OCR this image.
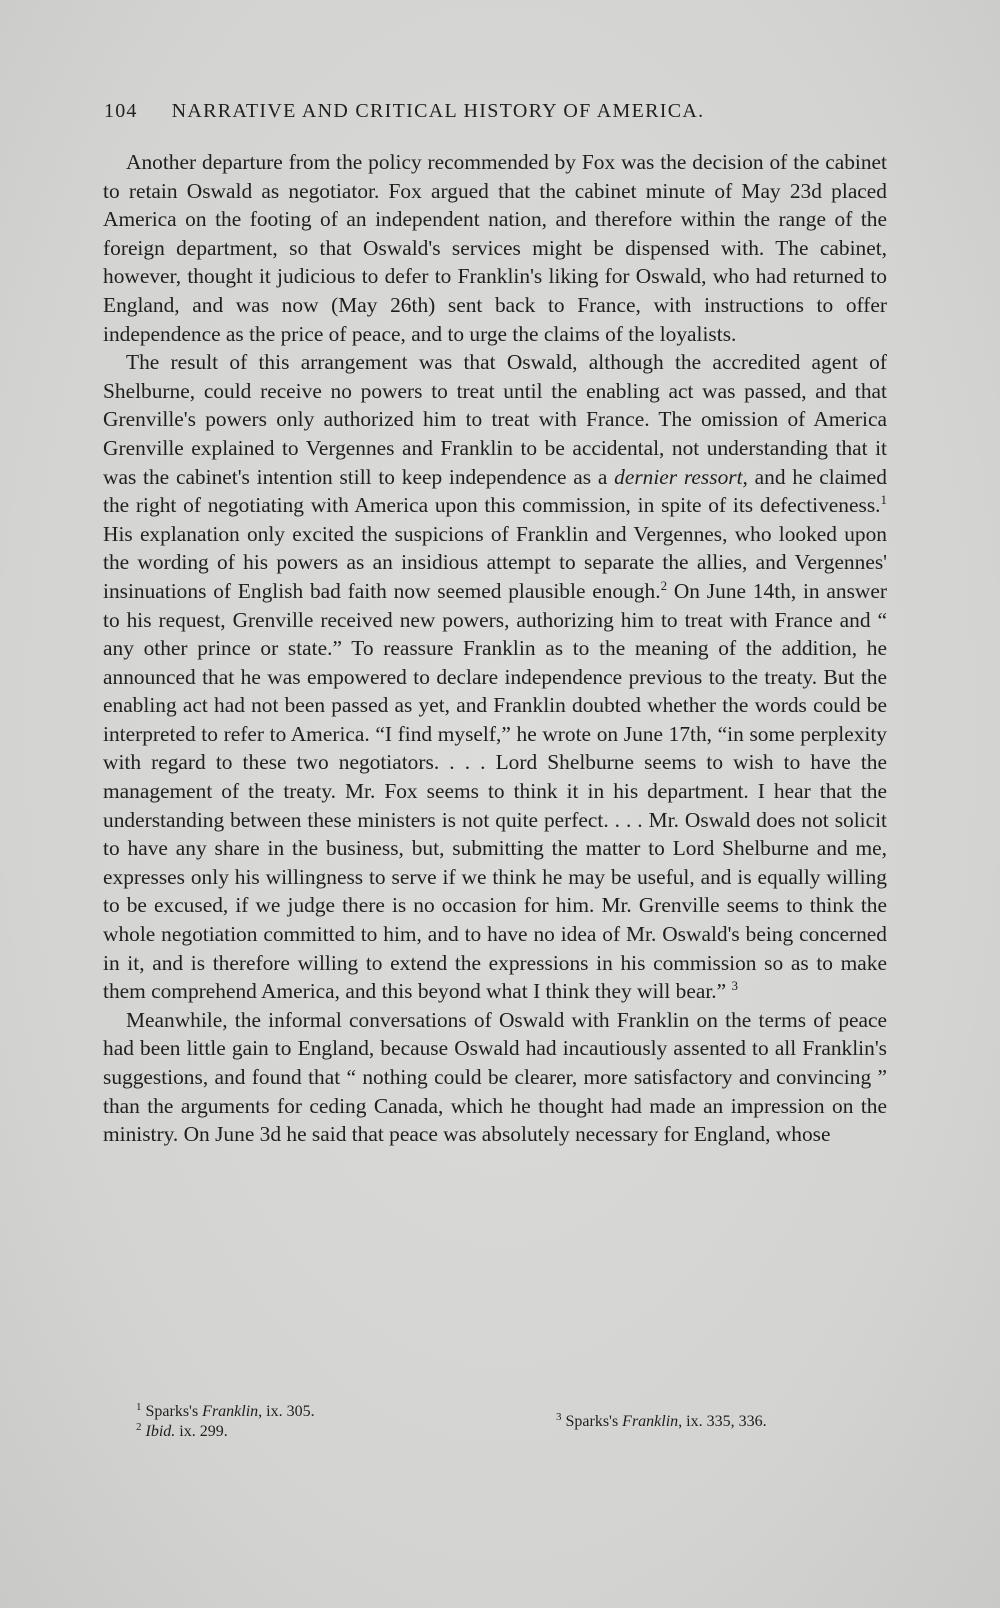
104 NARRATIVE AND CRITICAL HISTORY OF AMERICA.

Another departure from the policy recommended by Fox was the decision of the cabinet to retain Oswald as negotiator. Fox argued that the cabinet minute of May 23d placed America on the footing of an independent nation, and therefore within the range of the foreign department, so that Oswald's services might be dispensed with. The cabinet, however, thought it judicious to defer to Franklin's liking for Oswald, who had returned to England, and was now (May 26th) sent back to France, with instructions to offer independence as the price of peace, and to urge the claims of the loyalists.

The result of this arrangement was that Oswald, although the accredited agent of Shelburne, could receive no powers to treat until the enabling act was passed, and that Grenville's powers only authorized him to treat with France. The omission of America Grenville explained to Vergennes and Franklin to be accidental, not understanding that it was the cabinet's intention still to keep independence as a dernier ressort, and he claimed the right of negotiating with America upon this commission, in spite of its defectiveness.$^1$ His explanation only excited the suspicions of Franklin and Vergennes, who looked upon the wording of his powers as an insidious attempt to separate the allies, and Vergennes' insinuations of English bad faith now seemed plausible enough.$^2$ On June 14th, in answer to his request, Grenville received new powers, authorizing him to treat with France and “ any other prince or state.” To reassure Franklin as to the meaning of the addition, he announced that he was empowered to declare independence previous to the treaty. But the enabling act had not been passed as yet, and Franklin doubted whether the words could be interpreted to refer to America. “I find myself,” he wrote on June 17th, “in some perplexity with regard to these two negotiators. . . . Lord Shelburne seems to wish to have the management of the treaty. Mr. Fox seems to think it in his department. I hear that the understanding between these ministers is not quite perfect. . . . Mr. Oswald does not solicit to have any share in the business, but, submitting the matter to Lord Shelburne and me, expresses only his willingness to serve if we think he may be useful, and is equally willing to be excused, if we judge there is no occasion for him. Mr. Grenville seems to think the whole negotiation committed to him, and to have no idea of Mr. Oswald's being concerned in it, and is therefore willing to extend the expressions in his commission so as to make them comprehend America, and this beyond what I think they will bear.” $^3$

Meanwhile, the informal conversations of Oswald with Franklin on the terms of peace had been little gain to England, because Oswald had incautiously assented to all Franklin's suggestions, and found that “ nothing could be clearer, more satisfactory and convincing ” than the arguments for ceding Canada, which he thought had made an impression on the ministry. On June 3d he said that peace was absolutely necessary for England, whose

$^1$ Sparks's Franklin, ix. 305.
$^2$ Ibid. ix. 299.
$^3$ Sparks's Franklin, ix. 335, 336.
